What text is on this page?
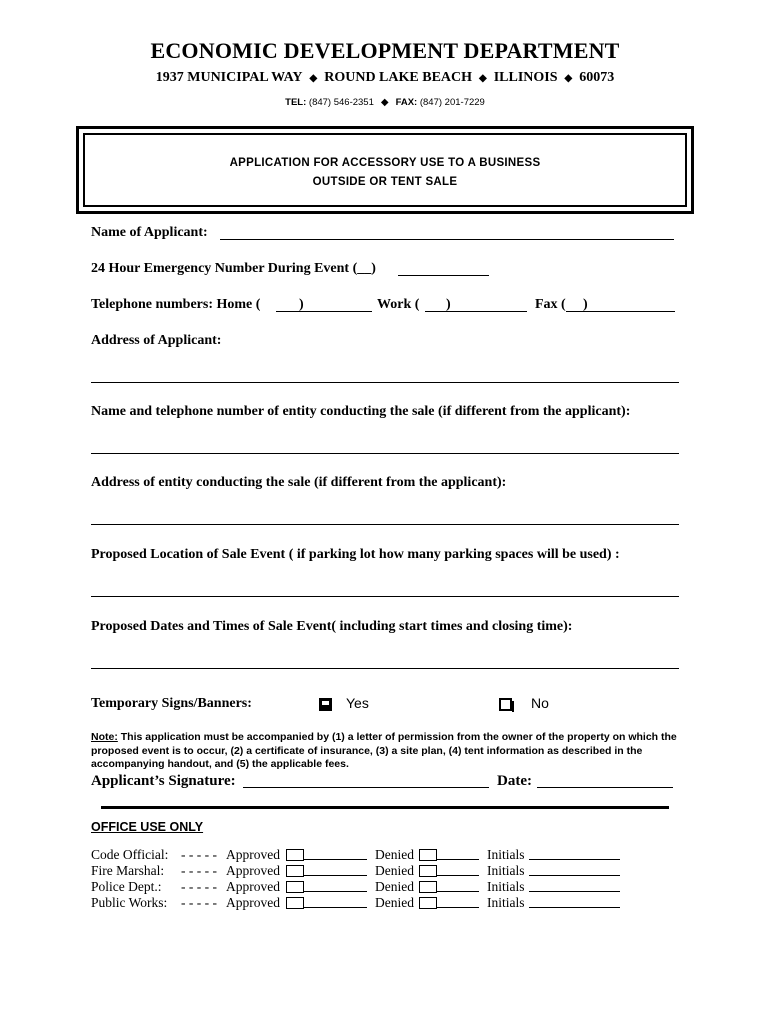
ECONOMIC DEVELOPMENT DEPARTMENT
1937 MUNICIPAL WAY ◆ ROUND LAKE BEACH ◆ ILLINOIS ◆ 60073
TEL: (847) 546-2351 ◆ FAX: (847) 201-7229
APPLICATION FOR ACCESSORY USE TO A BUSINESS
OUTSIDE OR TENT SALE
Name of Applicant:
24 Hour Emergency Number During Event (__)
Telephone numbers: Home (	)	Work ( )	Fax ( )
Address of Applicant:
Name and telephone number of entity conducting the sale (if different from the applicant):
Address of entity conducting the sale (if different from the applicant):
Proposed Location of Sale Event ( if parking lot how many parking spaces will be used) :
Proposed Dates and Times of Sale Event( including start times and closing time):
Temporary Signs/Banners:	Yes	No
Note: This application must be accompanied by (1) a letter of permission from the owner of the property on which the proposed event is to occur, (2) a certificate of insurance, (3) a site plan, (4) tent information as described in the accompanying handout, and (5) the applicable fees.
Applicant’s Signature:	Date:
OFFICE USE ONLY
Code Official: - - - - - Approved	Denied	Initials
Fire Marshal: - - - - - Approved	Denied	Initials
Police Dept.: - - - - - Approved	Denied	Initials
Public Works: - - - - - Approved	Denied	Initials
